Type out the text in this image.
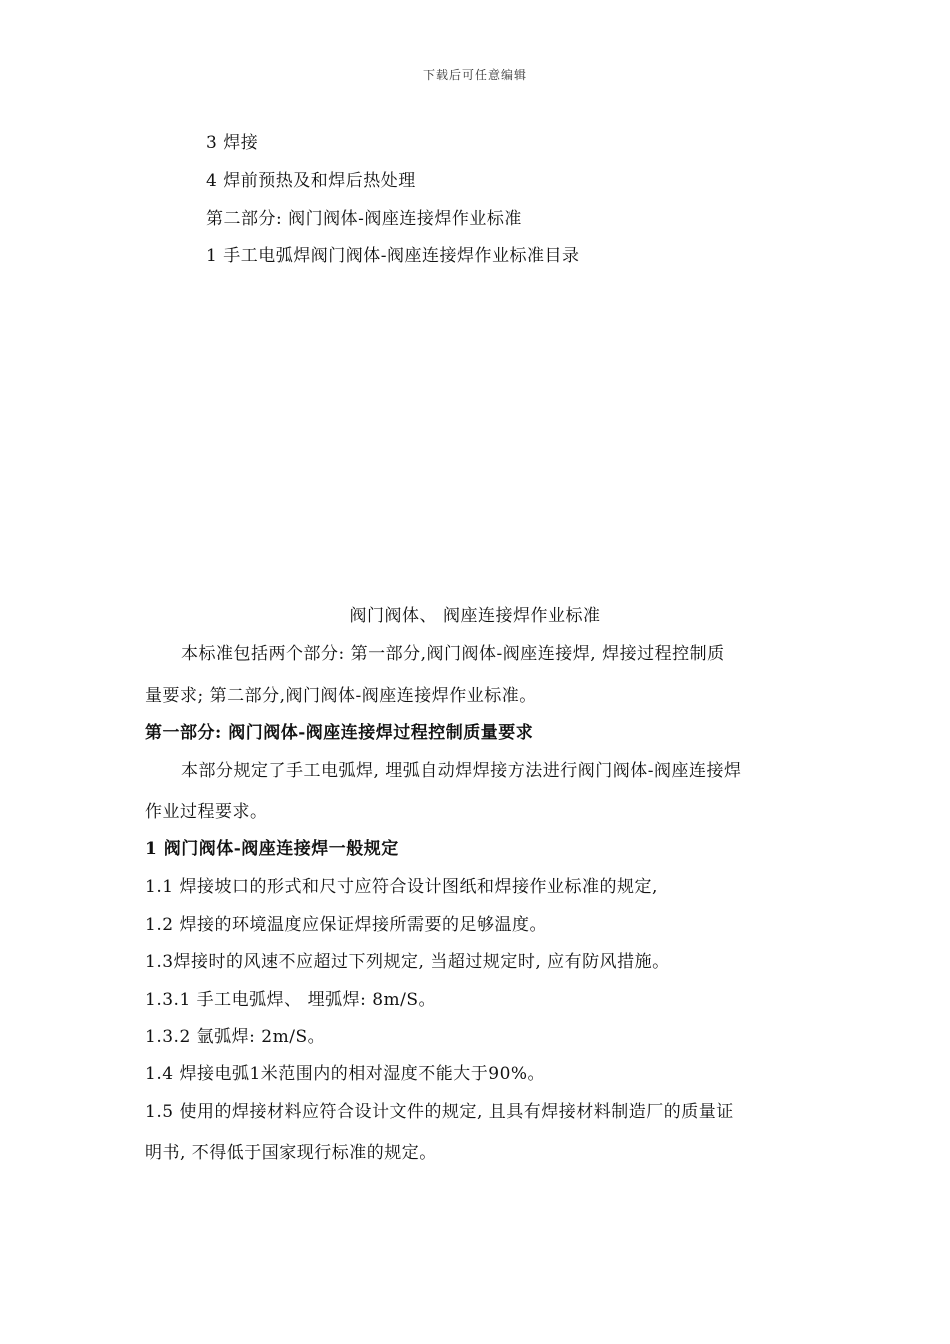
下载后可任意编辑
3 焊接
4 焊前预热及和焊后热处理
第二部分: 阀门阀体-阀座连接焊作业标准
1 手工电弧焊阀门阀体-阀座连接焊作业标准目录
阀门阀体、 阀座连接焊作业标准
本标准包括两个部分: 第一部分,阀门阀体-阀座连接焊, 焊接过程控制质
量要求; 第二部分,阀门阀体-阀座连接焊作业标准。
第一部分: 阀门阀体-阀座连接焊过程控制质量要求
本部分规定了手工电弧焊, 埋弧自动焊焊接方法进行阀门阀体-阀座连接焊
作业过程要求。
1 阀门阀体-阀座连接焊一般规定
1.1 焊接坡口的形式和尺寸应符合设计图纸和焊接作业标准的规定,
1.2 焊接的环境温度应保证焊接所需要的足够温度。
1.3焊接时的风速不应超过下列规定, 当超过规定时, 应有防风措施。
1.3.1 手工电弧焊、 埋弧焊: 8m/S。
1.3.2 氩弧焊: 2m/S。
1.4 焊接电弧1米范围内的相对湿度不能大于90%。
1.5 使用的焊接材料应符合设计文件的规定, 且具有焊接材料制造厂的质量证
明书, 不得低于国家现行标准的规定。
